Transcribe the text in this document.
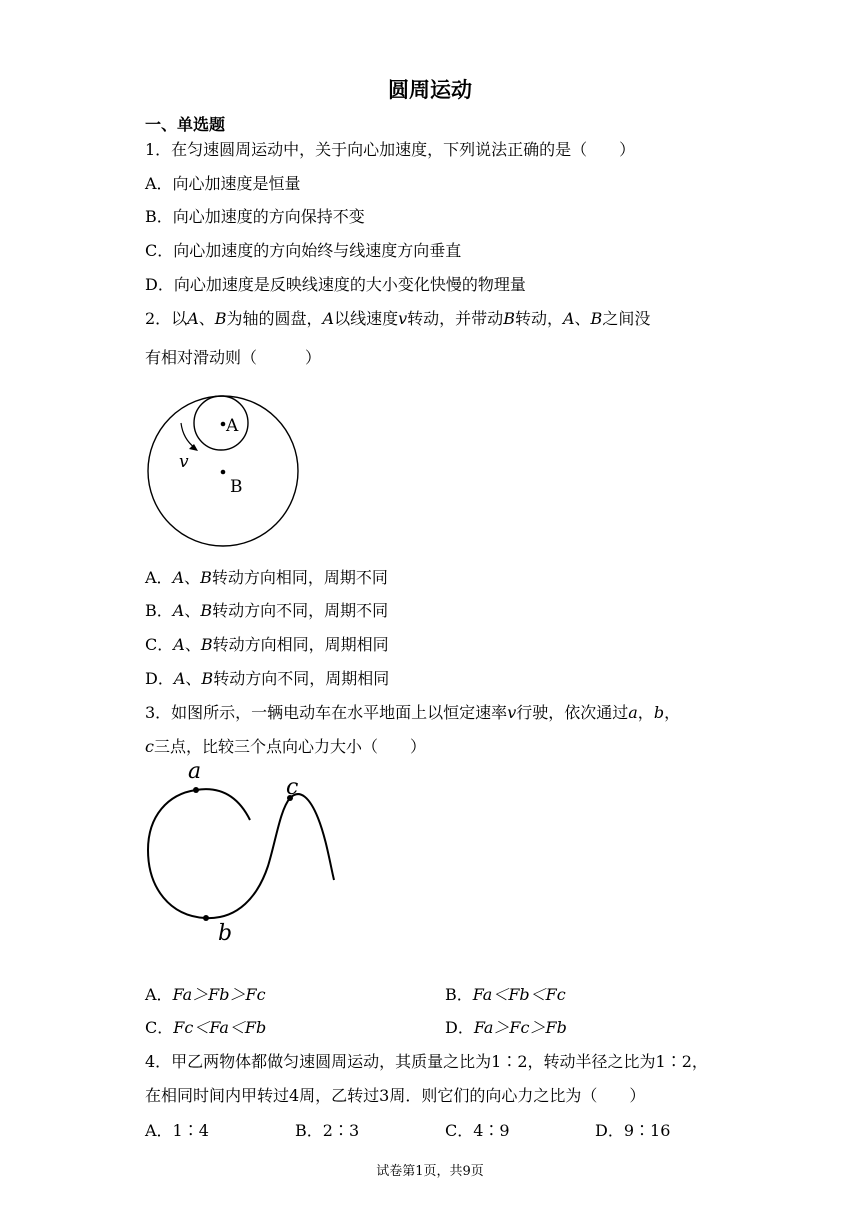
圆周运动
一、单选题
1．在匀速圆周运动中，关于向心加速度，下列说法正确的是（　　）
A．向心加速度是恒量
B．向心加速度的方向保持不变
C．向心加速度的方向始终与线速度方向垂直
D．向心加速度是反映线速度的大小变化快慢的物理量
2．以A、B为轴的圆盘，A以线速度v转动，并带动B转动，A、B之间没
有相对滑动则（　　　）
A
B
v
A．A、B转动方向相同，周期不同
B．A、B转动方向不同，周期不同
C．A、B转动方向相同，周期相同
D．A、B转动方向不同，周期相同
3．如图所示，一辆电动车在水平地面上以恒定速率v行驶，依次通过a，b，
c三点，比较三个点向心力大小（　　）
a
c
b
A．Fa＞Fb＞Fc	B．Fa＜Fb＜Fc
C．Fc＜Fa＜Fb	D．Fa＞Fc＞Fb
4．甲乙两物体都做匀速圆周运动，其质量之比为1∶2，转动半径之比为1∶2，
在相同时间内甲转过4周，乙转过3周．则它们的向心力之比为（　　）
A．1∶4	B．2∶3	C．4∶9	D．9∶16
试卷第1页，共9页
